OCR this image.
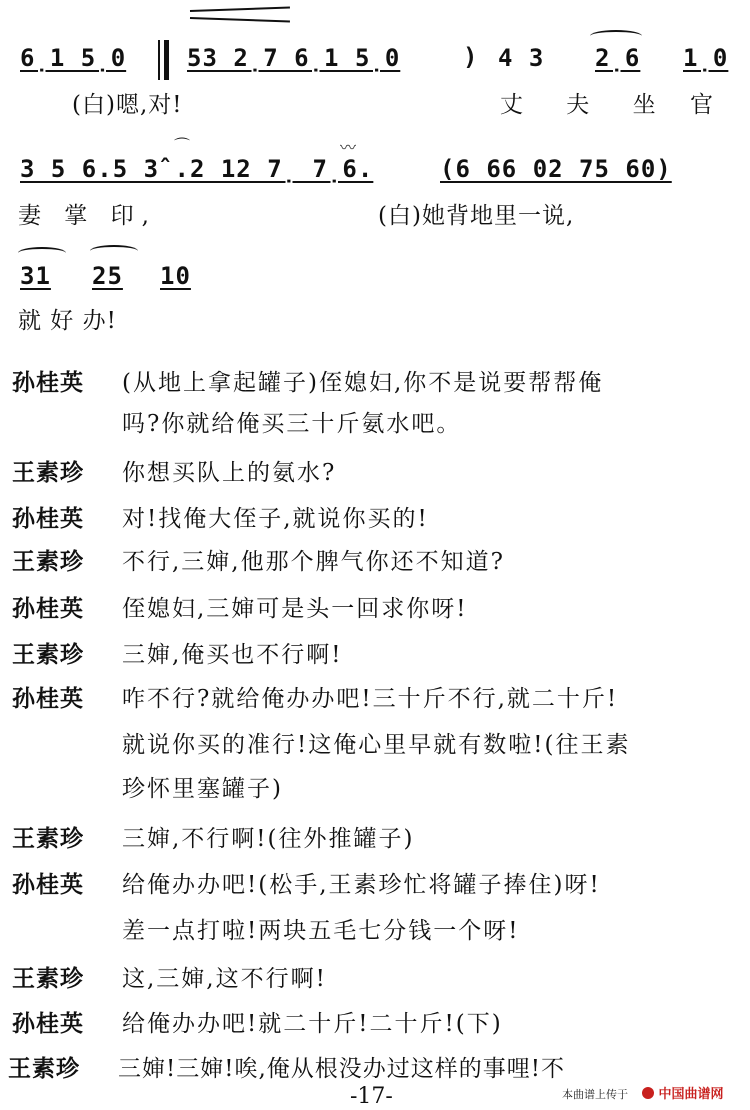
6̣1 5̣0	53 2̣7 6̣1 5̣0	) 4 3 2̣6 1̣0
(白)嗯,对!	丈 夫 坐 官
⌒	〰
3 5 6.5 3̂ .2 12 7̣ 7̣6.	(6 66 02 75 60)
妻 掌 印,	(白)她背地里一说,
31 25 10
就 好 办!
孙桂英 (从地上拿起罐子)侄媳妇,你不是说要帮帮俺
吗?你就给俺买三十斤氨水吧。
王素珍 你想买队上的氨水?
孙桂英 对!找俺大侄子,就说你买的!
王素珍 不行,三婶,他那个脾气你还不知道?
孙桂英 侄媳妇,三婶可是头一回求你呀!
王素珍 三婶,俺买也不行啊!
孙桂英 咋不行?就给俺办办吧!三十斤不行,就二十斤!
就说你买的准行!这俺心里早就有数啦!(往王素
珍怀里塞罐子)
王素珍 三婶,不行啊!(往外推罐子)
孙桂英 给俺办办吧!(松手,王素珍忙将罐子捧住)呀!
差一点打啦!两块五毛七分钱一个呀!
王素珍 这,三婶,这不行啊!
孙桂英 给俺办办吧!就二十斤!二十斤!(下)
王素珍 三婶!三婶!唉,俺从根没办过这样的事哩!不
-17-	本曲谱上传于	中国曲谱网
